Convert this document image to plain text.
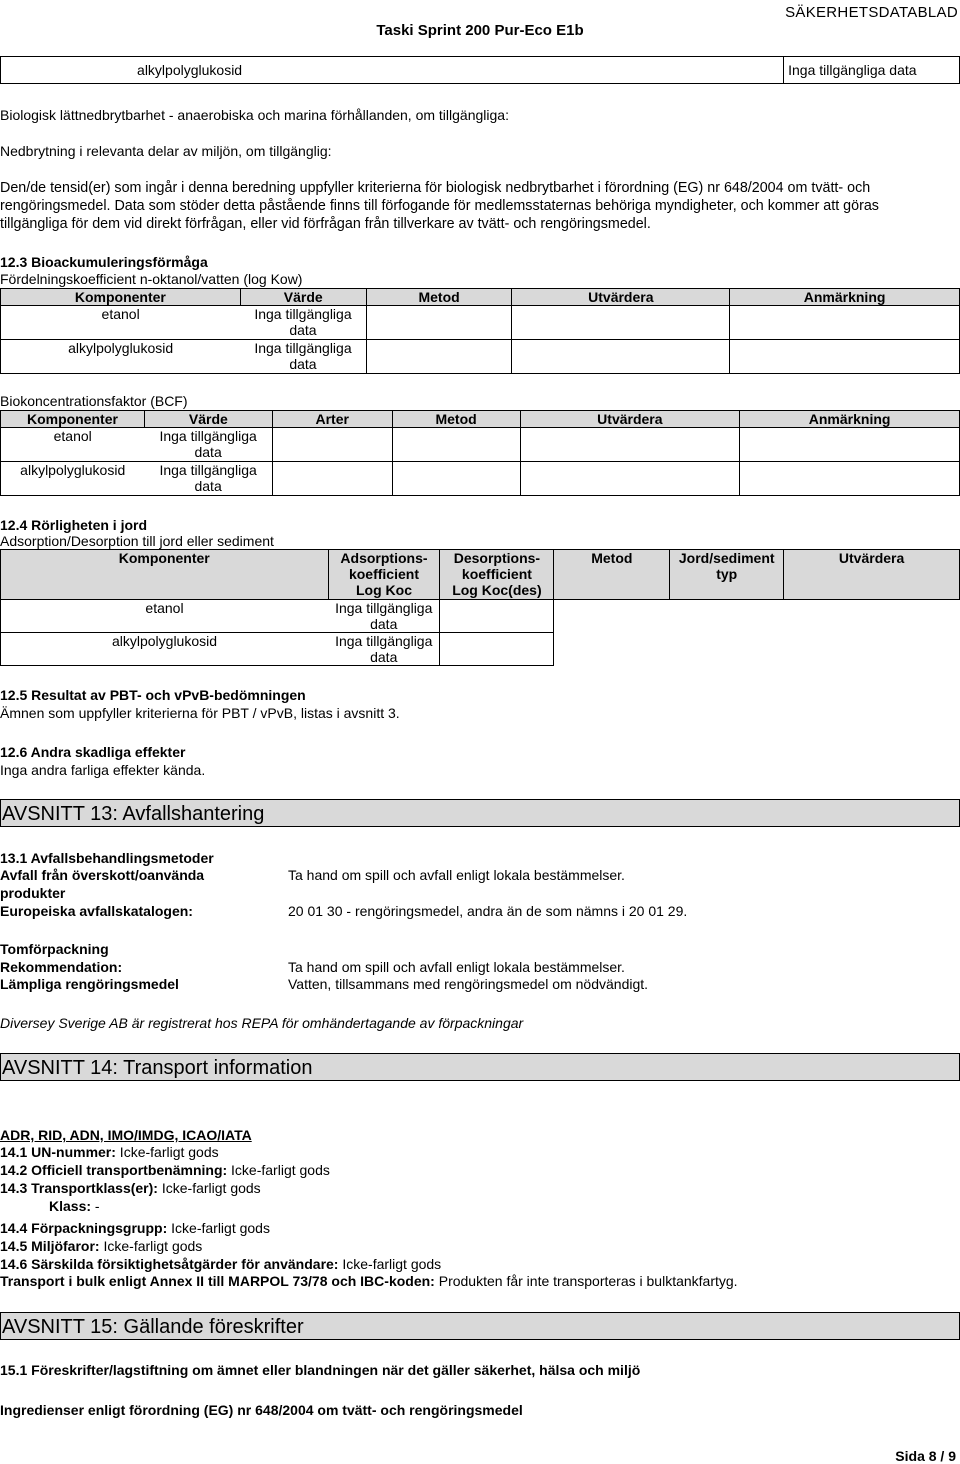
SÄKERHETSDATABLAD
Taski Sprint 200 Pur-Eco E1b
alkylpolyglukosid		Inga tillgängliga data
Biologisk lättnedbrytbarhet - anaerobiska och marina förhållanden, om tillgängliga:
Nedbrytning i relevanta delar av miljön, om tillgänglig:
Den/de tensid(er) som ingår i denna beredning uppfyller kriterierna för biologisk nedbrytbarhet i förordning (EG) nr 648/2004 om tvätt- och
rengöringsmedel. Data som stöder detta påstående finns till förfogande för medlemsstaternas behöriga myndigheter, och kommer att göras
tillgängliga för dem vid direkt förfrågan, eller vid förfrågan från tillverkare av tvätt- och rengöringsmedel.
12.3 Bioackumuleringsförmåga
Fördelningskoefficient n-oktanol/vatten (log Kow)
Komponenter	Värde	Metod	Utvärdera	Anmärkning
etanol	Inga tillgängliga
data			
alkylpolyglukosid	Inga tillgängliga
data			
Biokoncentrationsfaktor (BCF)
Komponenter	Värde	Arter	Metod	Utvärdera	Anmärkning
etanol	Inga tillgängliga
data				
alkylpolyglukosid	Inga tillgängliga
data				
12.4 Rörligheten i jord
Adsorption/Desorption till jord eller sediment
Komponenter	Adsorptions-
koefficient
Log Koc	Desorptions-
koefficient
Log Koc(des)	Metod	Jord/sediment
typ	Utvärdera
etanol	Inga tillgängliga
data				
alkylpolyglukosid	Inga tillgängliga
data				
12.5 Resultat av PBT- och vPvB-bedömningen
Ämnen som uppfyller kriterierna för PBT / vPvB, listas i avsnitt 3.
12.6 Andra skadliga effekter
Inga andra farliga effekter kända.
AVSNITT 13: Avfallshantering
13.1 Avfallsbehandlingsmetoder
Avfall från överskott/oanvända
produkter
Ta hand om spill och avfall enligt lokala bestämmelser.
Europeiska avfallskatalogen:	20 01 30 - rengöringsmedel, andra än de som nämns i 20 01 29.
Tomförpackning
Rekommendation:	Ta hand om spill och avfall enligt lokala bestämmelser.
Lämpliga rengöringsmedel	Vatten, tillsammans med rengöringsmedel om nödvändigt.
Diversey Sverige AB är registrerat hos REPA för omhändertagande av förpackningar
AVSNITT 14: Transport information
ADR, RID, ADN, IMO/IMDG, ICAO/IATA
14.1 UN-nummer: Icke-farligt gods
14.2 Officiell transportbenämning: Icke-farligt gods
14.3 Transportklass(er): Icke-farligt gods
Klass: -
14.4 Förpackningsgrupp: Icke-farligt gods
14.5 Miljöfaror: Icke-farligt gods
14.6 Särskilda försiktighetsåtgärder för användare: Icke-farligt gods
Transport i bulk enligt Annex II till MARPOL 73/78 och IBC-koden: Produkten får inte transporteras i bulktankfartyg.
AVSNITT 15: Gällande föreskrifter
15.1 Föreskrifter/lagstiftning om ämnet eller blandningen när det gäller säkerhet, hälsa och miljö
Ingredienser enligt förordning (EG) nr 648/2004 om tvätt- och rengöringsmedel
Sida 8 / 9
